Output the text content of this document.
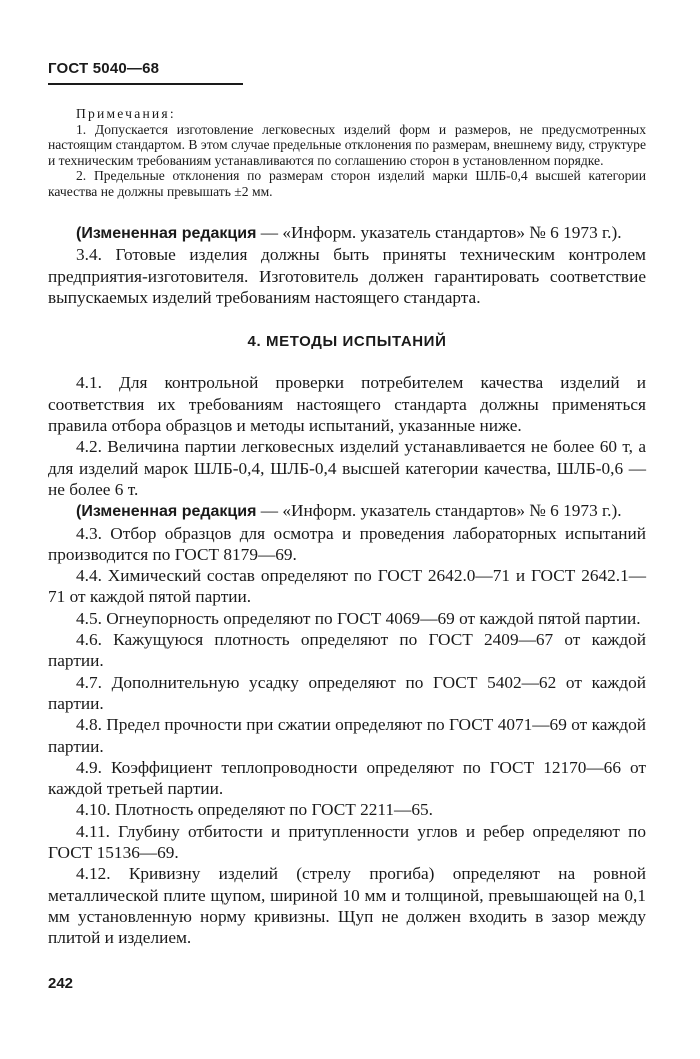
ГОСТ 5040—68

Примечания:

1. Допускается изготовление легковесных изделий форм и размеров, не предусмотренных настоящим стандартом. В этом случае предельные отклонения по размерам, внешнему виду, структуре и техническим требованиям устанавливаются по соглашению сторон в установленном порядке.

2. Предельные отклонения по размерам сторон изделий марки ШЛБ-0,4 высшей категории качества не должны превышать ±2 мм.

(Измененная редакция — «Информ. указатель стандартов» № 6 1973 г.).

3.4. Готовые изделия должны быть приняты техническим контролем предприятия-изготовителя. Изготовитель должен гарантировать соответствие выпускаемых изделий требованиям настоящего стандарта.

4. МЕТОДЫ ИСПЫТАНИЙ

4.1. Для контрольной проверки потребителем качества изделий и соответствия их требованиям настоящего стандарта должны применяться правила отбора образцов и методы испытаний, указанные ниже.

4.2. Величина партии легковесных изделий устанавливается не более 60 т, а для изделий марок ШЛБ-0,4, ШЛБ-0,4 высшей категории качества, ШЛБ-0,6 — не более 6 т.

(Измененная редакция — «Информ. указатель стандартов» № 6 1973 г.).

4.3. Отбор образцов для осмотра и проведения лабораторных испытаний производится по ГОСТ 8179—69.

4.4. Химический состав определяют по ГОСТ 2642.0—71 и ГОСТ 2642.1—71 от каждой пятой партии.

4.5. Огнеупорность определяют по ГОСТ 4069—69 от каждой пятой партии.

4.6. Кажущуюся плотность определяют по ГОСТ 2409—67 от каждой партии.

4.7. Дополнительную усадку определяют по ГОСТ 5402—62 от каждой партии.

4.8. Предел прочности при сжатии определяют по ГОСТ 4071—69 от каждой партии.

4.9. Коэффициент теплопроводности определяют по ГОСТ 12170—66 от каждой третьей партии.

4.10. Плотность определяют по ГОСТ 2211—65.

4.11. Глубину отбитости и притупленности углов и ребер определяют по ГОСТ 15136—69.

4.12. Кривизну изделий (стрелу прогиба) определяют на ровной металлической плите щупом, шириной 10 мм и толщиной, превышающей на 0,1 мм установленную норму кривизны. Щуп не должен входить в зазор между плитой и изделием.

242
